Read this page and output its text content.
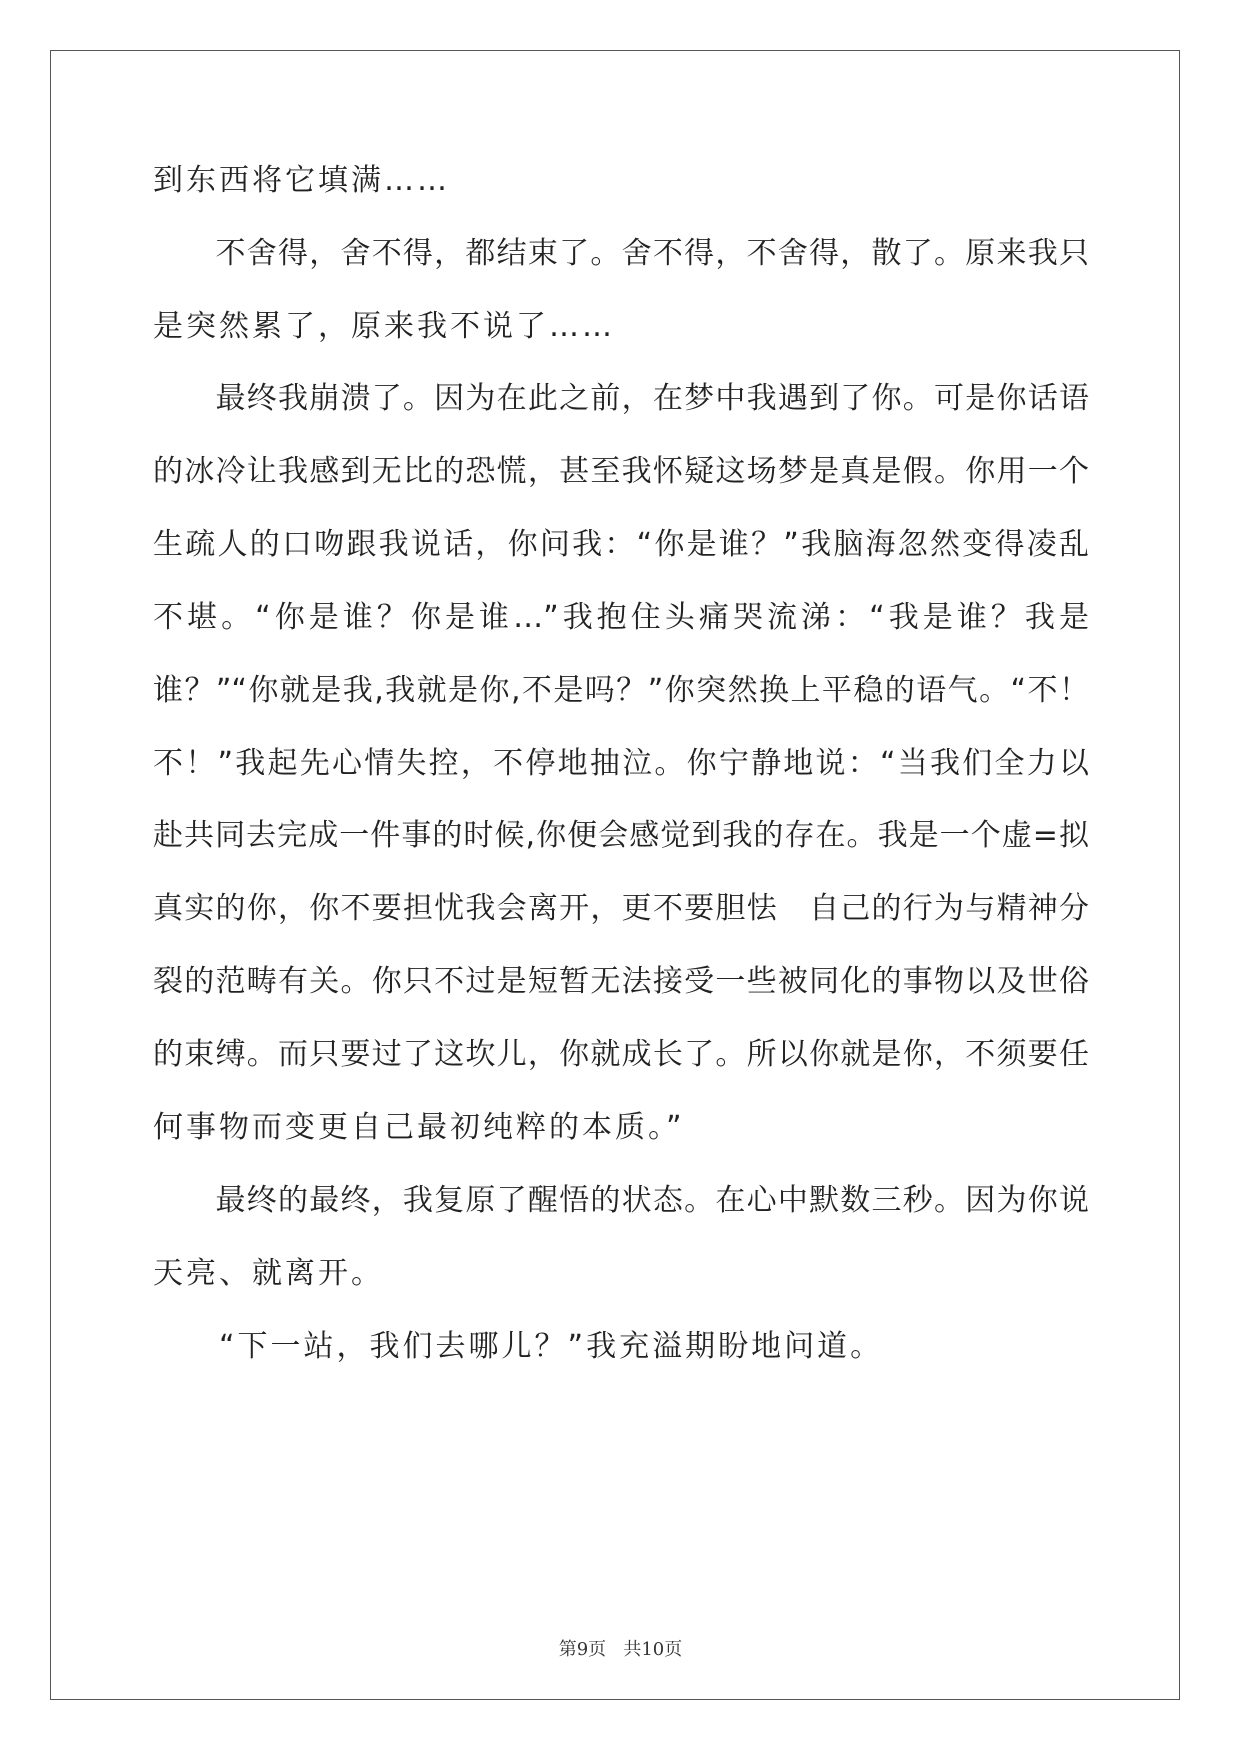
到东西将它填满……
　　不舍得，舍不得，都结束了。舍不得，不舍得，散了。原来我只
是突然累了，原来我不说了……
　　最终我崩溃了。因为在此之前，在梦中我遇到了你。可是你话语
的冰冷让我感到无比的恐慌，甚至我怀疑这场梦是真是假。你用一个
生疏人的口吻跟我说话，你问我：“你是谁？”我脑海忽然变得凌乱
不堪。“你是谁？你是谁…”我抱住头痛哭流涕：“我是谁？我是
谁？”“你就是我,我就是你,不是吗？”你突然换上平稳的语气。“不！
不！”我起先心情失控，不停地抽泣。你宁静地说：“当我们全力以
赴共同去完成一件事的时候,你便会感觉到我的存在。我是一个虚=拟
真实的你，你不要担忧我会离开，更不要胆怯　自己的行为与精神分
裂的范畴有关。你只不过是短暂无法接受一些被同化的事物以及世俗
的束缚。而只要过了这坎儿，你就成长了。所以你就是你，不须要任
何事物而变更自己最初纯粹的本质。”
　　最终的最终，我复原了醒悟的状态。在心中默数三秒。因为你说
天亮、就离开。
　　“下一站，我们去哪儿？”我充溢期盼地问道。
第9页 共10页
